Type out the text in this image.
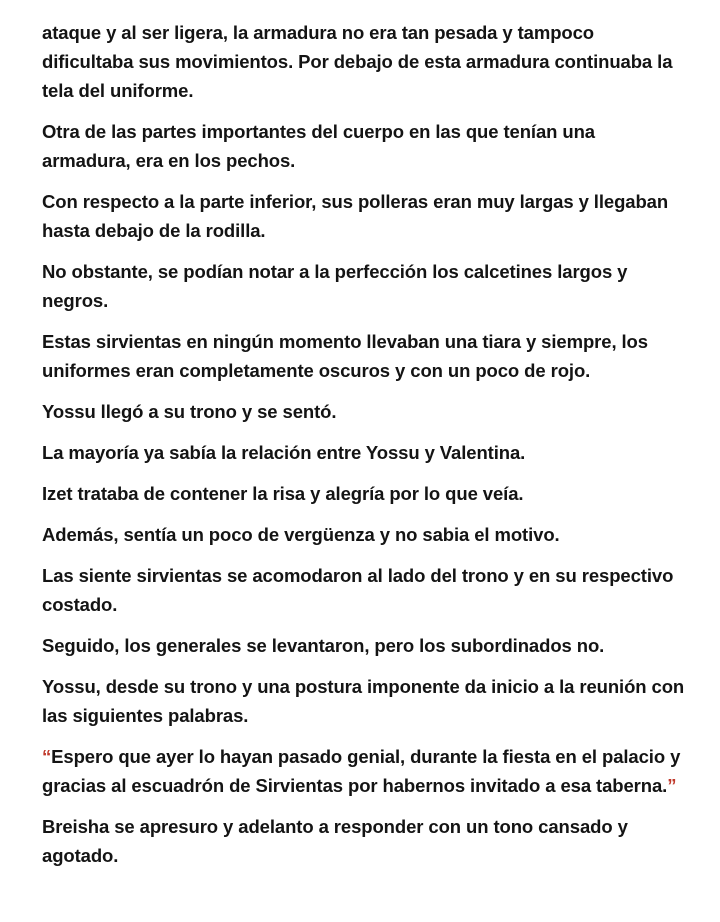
ataque y al ser ligera, la armadura no era tan pesada y tampoco dificultaba sus movimientos. Por debajo de esta armadura continuaba la tela del uniforme.

Otra de las partes importantes del cuerpo en las que tenían una armadura, era en los pechos.

Con respecto a la parte inferior, sus polleras eran muy largas y llegaban hasta debajo de la rodilla.

No obstante, se podían notar a la perfección los calcetines largos y negros.

Estas sirvientas en ningún momento llevaban una tiara y siempre, los uniformes eran completamente oscuros y con un poco de rojo.

Yossu llegó a su trono y se sentó.

La mayoría ya sabía la relación entre Yossu y Valentina.

Izet trataba de contener la risa y alegría por lo que veía.

Además, sentía un poco de vergüenza y no sabia el motivo.

Las siente sirvientas se acomodaron al lado del trono y en su respectivo costado.

Seguido, los generales se levantaron, pero los subordinados no.

Yossu, desde su trono y una postura imponente da inicio a la reunión con las siguientes palabras.

“Espero que ayer lo hayan pasado genial, durante la fiesta en el palacio y gracias al escuadrón de Sirvientas por habernos invitado a esa taberna.”

Breisha se apresuro y adelanto a responder con un tono cansado y agotado.
